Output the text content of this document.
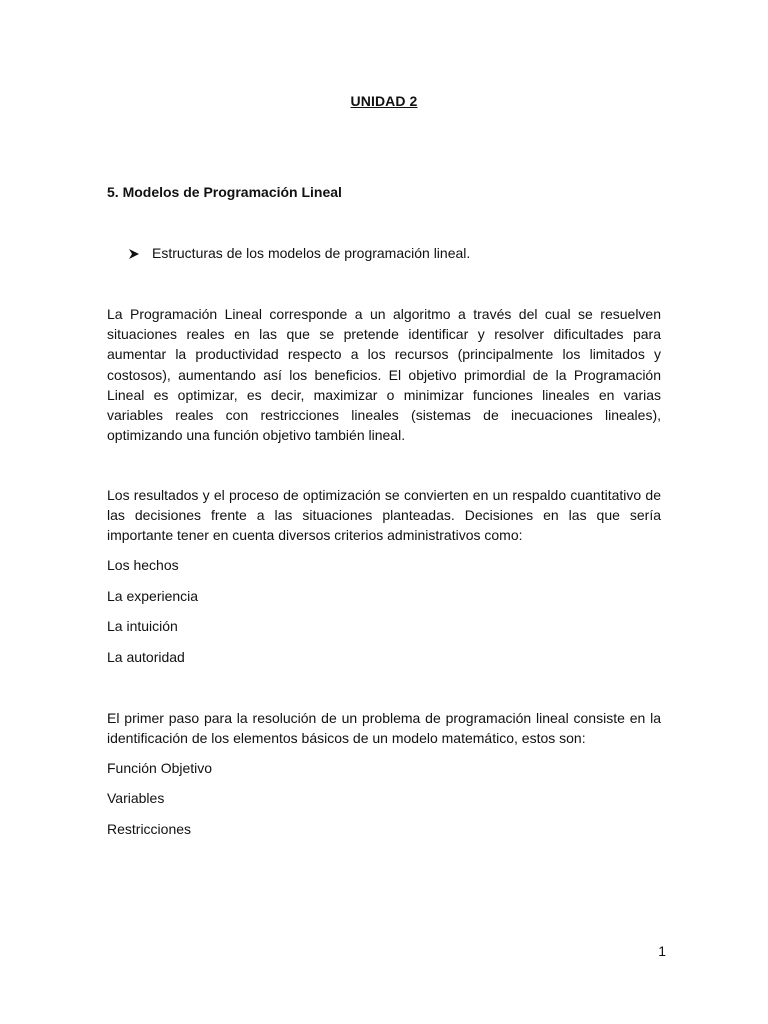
UNIDAD 2
5. Modelos de Programación Lineal
Estructuras de los modelos de programación lineal.

La Programación Lineal corresponde a un algoritmo a través del cual se resuelven situaciones reales en las que se pretende identificar y resolver dificultades para aumentar la productividad respecto a los recursos (principalmente los limitados y costosos), aumentando así los beneficios. El objetivo primordial de la Programación Lineal es optimizar, es decir, maximizar o minimizar funciones lineales en varias variables reales con restricciones lineales (sistemas de inecuaciones lineales), optimizando una función objetivo también lineal.

Los resultados y el proceso de optimización se convierten en un respaldo cuantitativo de las decisiones frente a las situaciones planteadas. Decisiones en las que sería importante tener en cuenta diversos criterios administrativos como:

Los hechos
La experiencia
La intuición
La autoridad

El primer paso para la resolución de un problema de programación lineal consiste en la identificación de los elementos básicos de un modelo matemático, estos son:

Función Objetivo
Variables
Restricciones
1
